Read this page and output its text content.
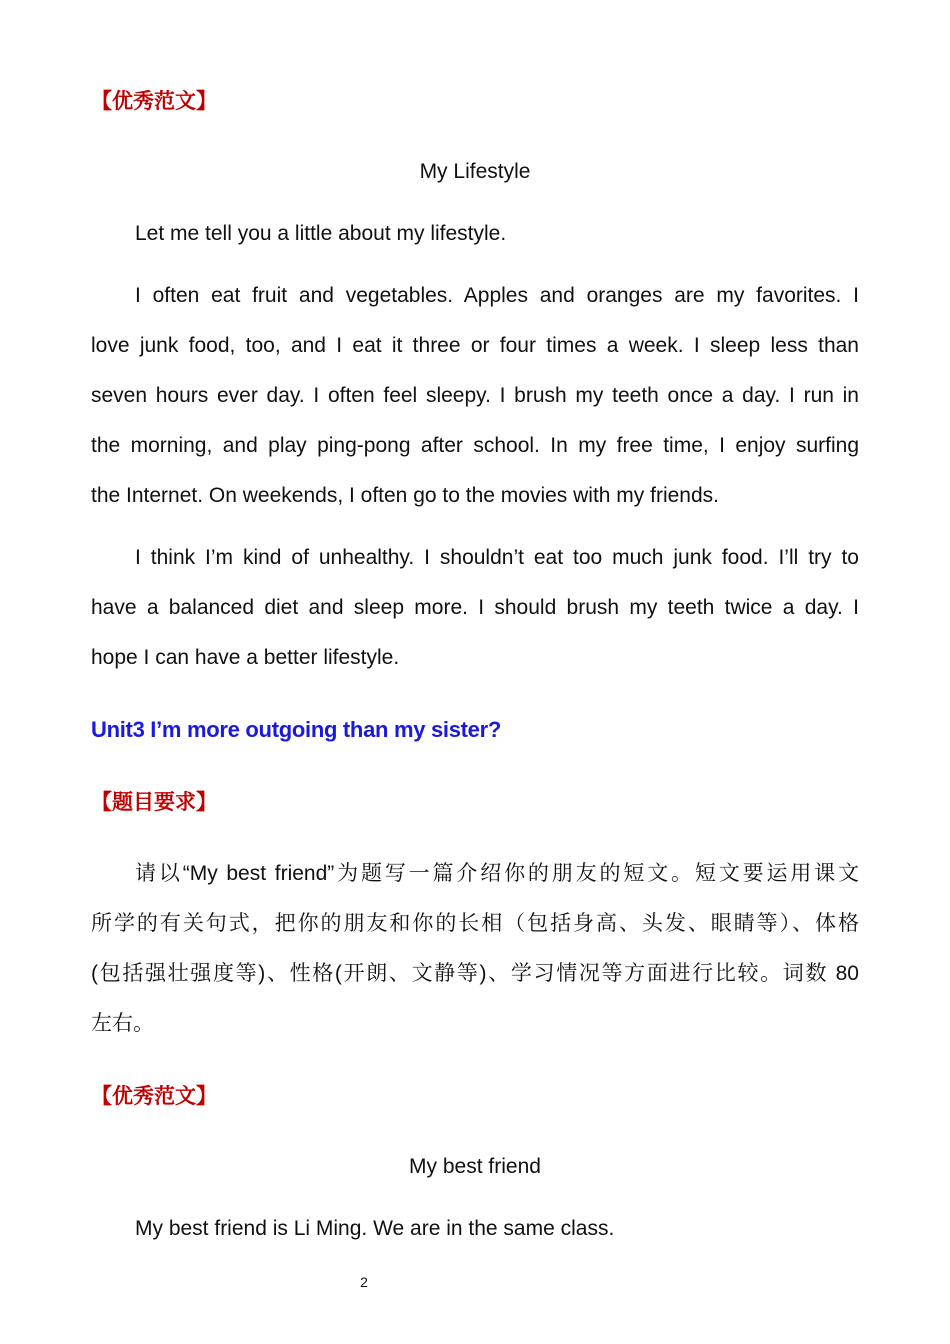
【优秀范文】
My Lifestyle
Let me tell you a little about my lifestyle.
I often eat fruit and vegetables. Apples and oranges are my favorites. I
love junk food, too, and I eat it three or four times a week. I sleep less than
seven hours ever day. I often feel sleepy. I brush my teeth once a day. I run in
the morning, and play ping-pong after school. In my free time, I enjoy surfing
the Internet. On weekends, I often go to the movies with my friends.
I think I’m kind of unhealthy. I shouldn’t eat too much junk food. I’ll try to
have a balanced diet and sleep more. I should brush my teeth twice a day. I
hope I can have a better lifestyle.
Unit3 I’m more outgoing than my sister?
【题目要求】
请以“My best friend”为题写一篇介绍你的朋友的短文。短文要运用课文
所学的有关句式，把你的朋友和你的长相（包括身高、头发、眼睛等）、体格
(包括强壮强度等)、性格(开朗、文静等)、学习情况等方面进行比较。词数 80
左右。
【优秀范文】
My best friend
My best friend is Li Ming. We are in the same class.
2
